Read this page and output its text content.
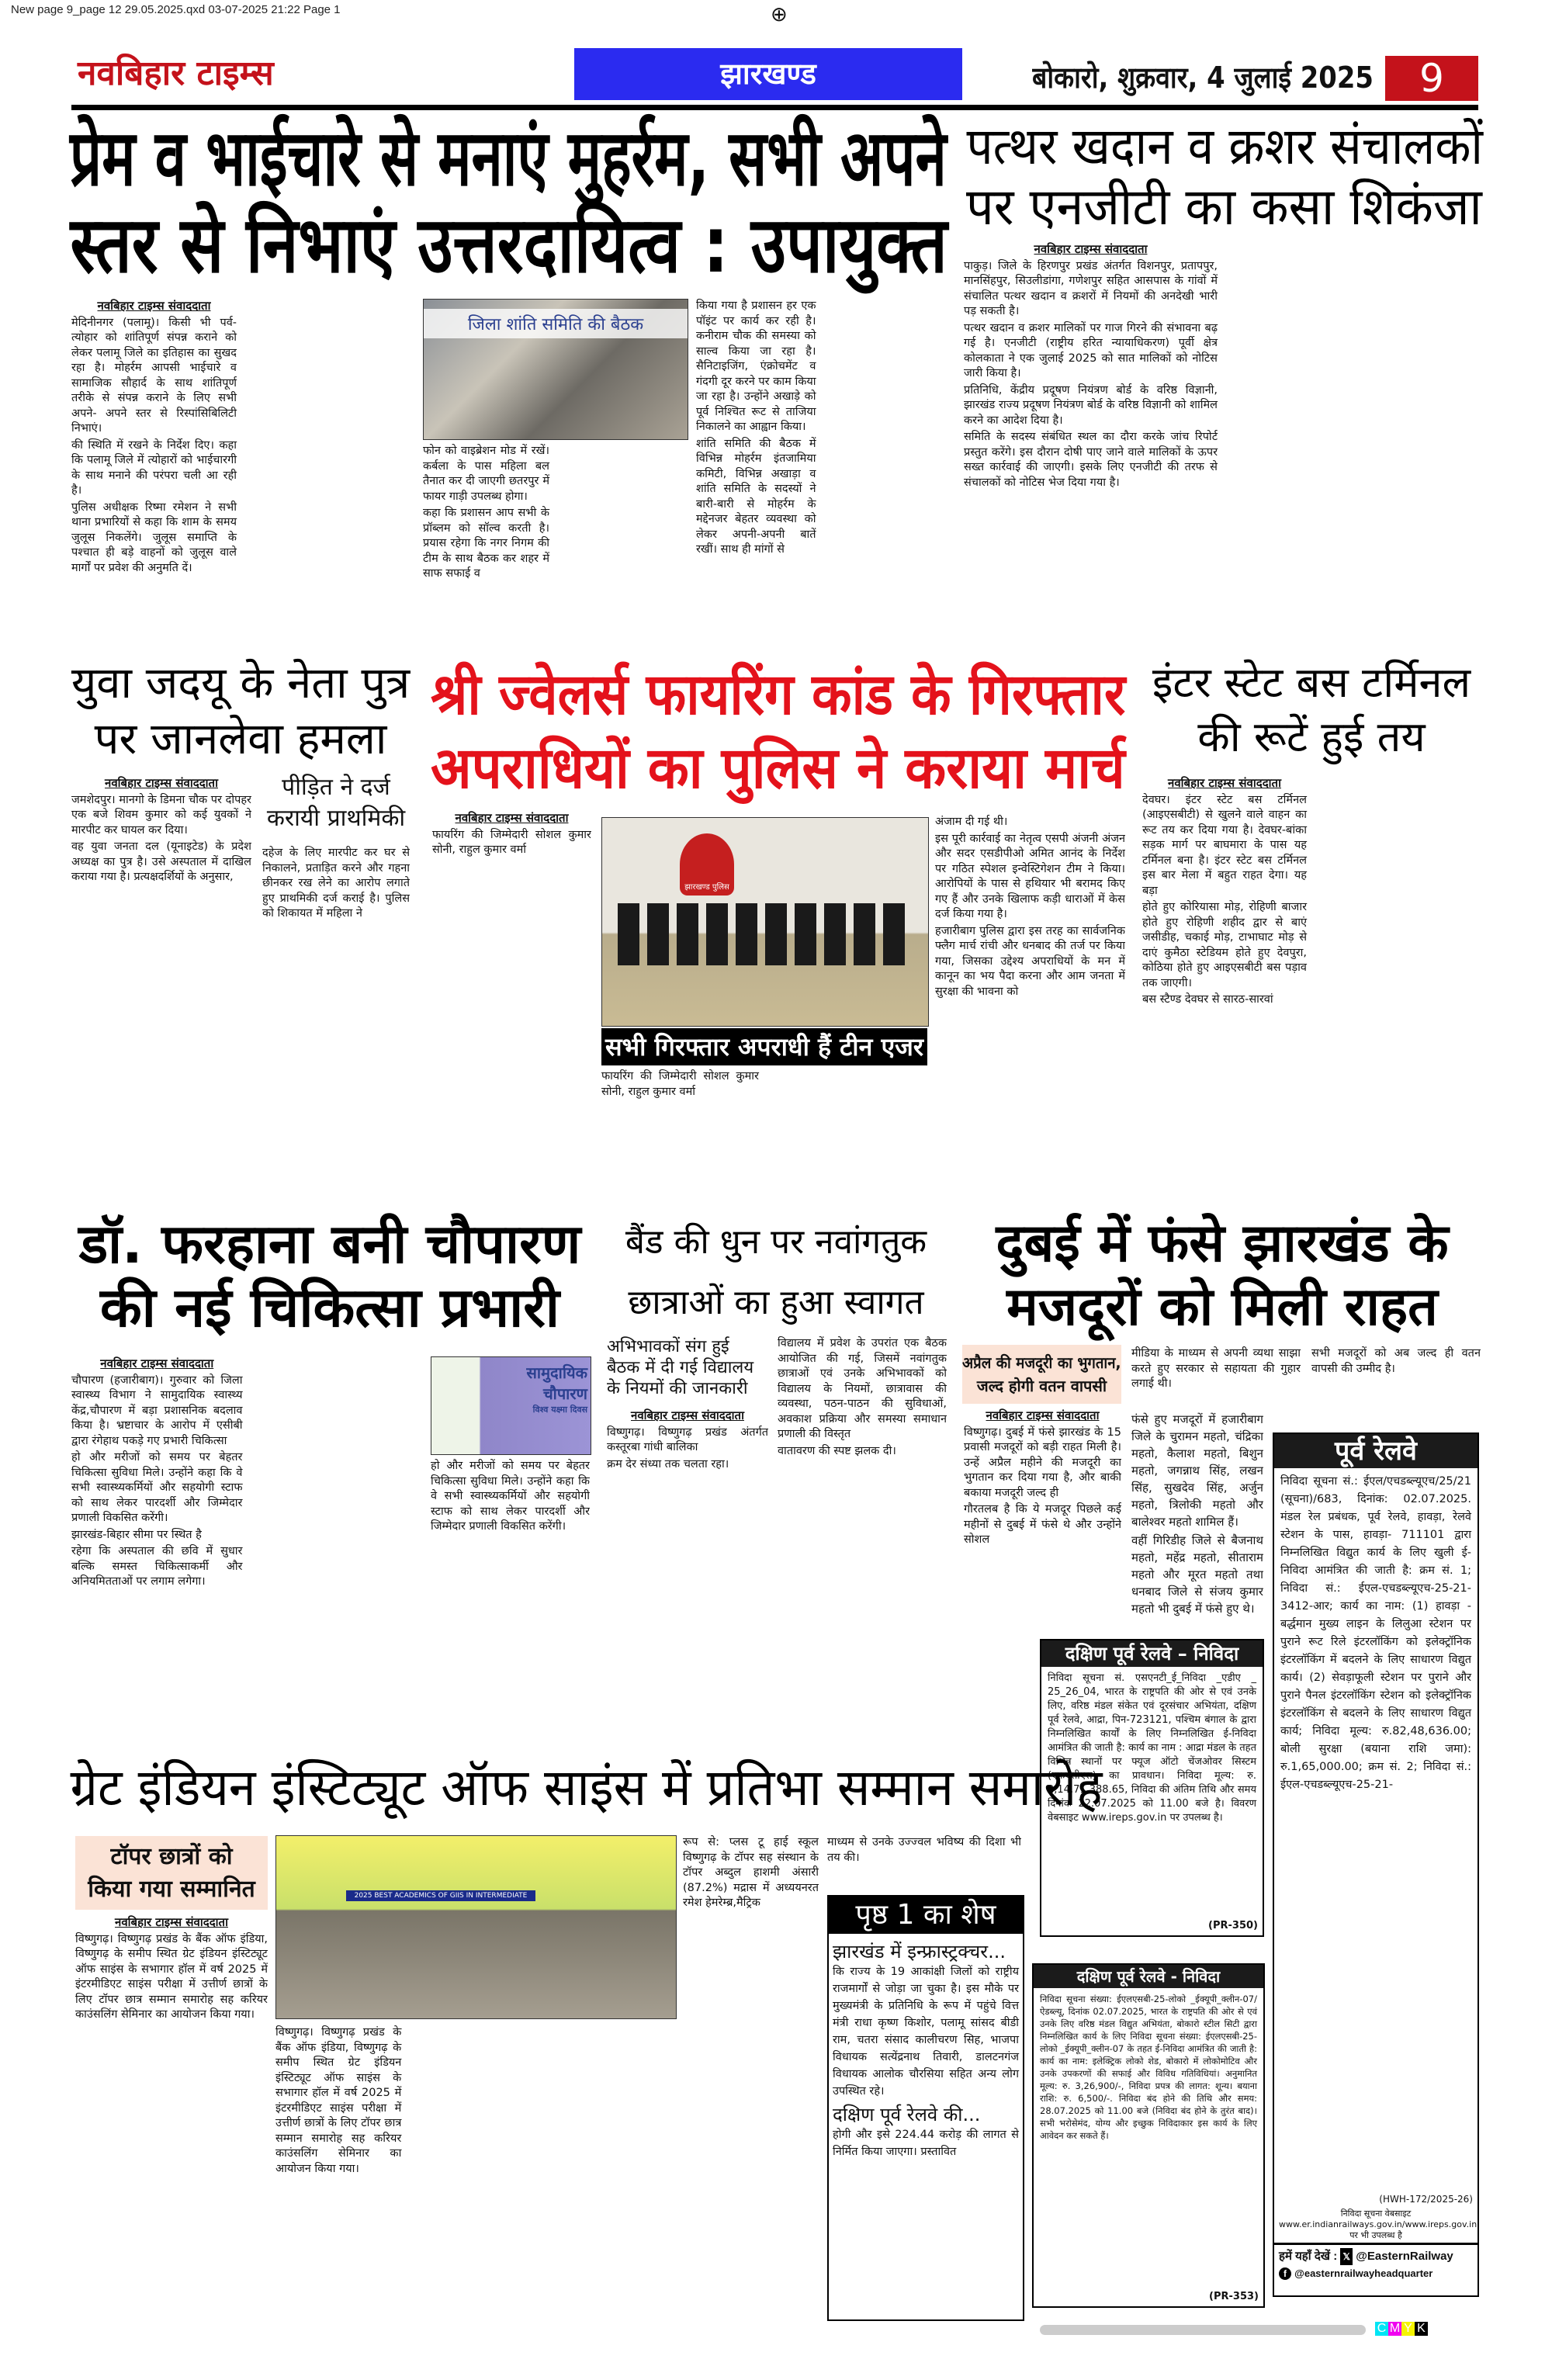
New page 9_page 12 29.05.2025.qxd 03-07-2025 21:22 Page 1	⊕
नवबिहार टाइम्स	झारखण्ड	बोकारो, शुक्रवार, 4 जुलाई 2025	9
प्रेम व भाईचारे से मनाएं मुहर्रम, सभी अपने
स्तर से निभाएं उत्तरदायित्व : उपायुक्त
नवबिहार टाइम्स संवाददाता

मेदिनीनगर (पलामू)। किसी भी पर्व-त्योहार को शांतिपूर्ण संपन्न कराने को लेकर पलामू जिले का इतिहास का सुखद रहा है। मोहर्रम आपसी भाईचारे व सामाजिक सौहार्द के साथ शांतिपूर्ण तरीके से संपन्न कराने के लिए सभी अपने- अपने स्तर से रिस्पांसिबिलिटी निभाएं।

की स्थिति में रखने के निर्देश दिए। कहा कि पलामू जिले में त्योहारों को भाईचारगी के साथ मनाने की परंपरा चली आ रही है।

पुलिस अधीक्षक रिष्मा रमेशन ने सभी थाना प्रभारियों से कहा कि शाम के समय जुलूस निकलेंगे। जुलूस समाप्ति के पश्चात ही बड़े वाहनों को जुलूस वाले मार्गों पर प्रवेश की अनुमति दें।

जिला शांति समिति की बैठक

फोन को वाइब्रेशन मोड में रखें। कर्बला के पास महिला बल तैनात कर दी जाएगी छतरपुर में फायर गाड़ी उपलब्ध होगा।

कहा कि प्रशासन आप सभी के प्रॉब्लम को सॉल्व करती है। प्रयास रहेगा कि नगर निगम की टीम के साथ बैठक कर शहर में साफ सफाई व

किया गया है प्रशासन हर एक पॉइंट पर कार्य कर रही है। कनीराम चौक की समस्या को साल्व किया जा रहा है। सैनिटाइजिंग, एंक्रोचमेंट व गंदगी दूर करने पर काम किया जा रहा है। उन्होंने अखाड़े को पूर्व निश्चित रूट से ताजिया निकालने का आह्वान किया।

शांति समिति की बैठक में विभिन्न मोहर्रम इंतजामिया कमिटी, विभिन्न अखाड़ा व शांति समिति के सदस्यों ने बारी-बारी से मोहर्रम के मद्देनजर बेहतर व्यवस्था को लेकर अपनी-अपनी बातें रखीं। साथ ही मांगों से

पत्थर खदान व क्रशर संचालकों
पर एनजीटी का कसा शिकंजा
नवबिहार टाइम्स संवाददाता

पाकुड़। जिले के हिरणपुर प्रखंड अंतर्गत विशनपुर, प्रतापपुर, मानसिंहपुर, सिउलीडांगा, गणेशपुर सहित आसपास के गांवों में संचालित पत्थर खदान व क्रशरों में नियमों की अनदेखी भारी पड़ सकती है।

पत्थर खदान व क्रशर मालिकों पर गाज गिरने की संभावना बढ़ गई है। एनजीटी (राष्ट्रीय हरित न्यायाधिकरण) पूर्वी क्षेत्र कोलकाता ने एक जुलाई 2025 को सात मालिकों को नोटिस जारी किया है।

प्रतिनिधि, केंद्रीय प्रदूषण नियंत्रण बोर्ड के वरिष्ठ विज्ञानी, झारखंड राज्य प्रदूषण नियंत्रण बोर्ड के वरिष्ठ विज्ञानी को शामिल करने का आदेश दिया है।

समिति के सदस्य संबंधित स्थल का दौरा करके जांच रिपोर्ट प्रस्तुत करेंगे। इस दौरान दोषी पाए जाने वाले मालिकों के ऊपर सख्त कार्रवाई की जाएगी। इसके लिए एनजीटी की तरफ से संचालकों को नोटिस भेज दिया गया है।

युवा जदयू के नेता पुत्र
पर जानलेवा हमला
नवबिहार टाइम्स संवाददाता

जमशेदपुर। मानगो के डिमना चौक पर दोपहर एक बजे शिवम कुमार को कई युवकों ने मारपीट कर घायल कर दिया।

वह युवा जनता दल (यूनाइटेड) के प्रदेश अध्यक्ष का पुत्र है। उसे अस्पताल में दाखिल कराया गया है। प्रत्यक्षदर्शियों के अनुसार,

पीड़ित ने दर्ज
करायी प्राथमिकी

दहेज के लिए मारपीट कर घर से निकालने, प्रताड़ित करने और गहना छीनकर रख लेने का आरोप लगाते हुए प्राथमिकी दर्ज कराई है। पुलिस को शिकायत में महिला ने

श्री ज्वेलर्स फायरिंग कांड के गिरफ्तार
अपराधियों का पुलिस ने कराया मार्च
नवबिहार टाइम्स संवाददाता

फायरिंग की जिम्मेदारी सोशल कुमार सोनी, राहुल कुमार वर्मा

झारखण्ड पुलिस
सभी गिरफ्तार अपराधी हैं टीन एजर

फायरिंग की जिम्मेदारी सोशल कुमार सोनी, राहुल कुमार वर्मा

अंजाम दी गई थी।

इस पूरी कार्रवाई का नेतृत्व एसपी अंजनी अंजन और सदर एसडीपीओ अमित आनंद के निर्देश पर गठित स्पेशल इन्वेस्टिगेशन टीम ने किया। आरोपियों के पास से हथियार भी बरामद किए गए हैं और उनके खिलाफ कड़ी धाराओं में केस दर्ज किया गया है।

हजारीबाग पुलिस द्वारा इस तरह का सार्वजनिक फ्लैग मार्च रांची और धनबाद की तर्ज पर किया गया, जिसका उद्देश्य अपराधियों के मन में कानून का भय पैदा करना और आम जनता में सुरक्षा की भावना को

इंटर स्टेट बस टर्मिनल
की रूटें हुई तय
नवबिहार टाइम्स संवाददाता

देवघर। इंटर स्टेट बस टर्मिनल (आइएसबीटी) से खुलने वाले वाहन का रूट तय कर दिया गया है। देवघर-बांका सड़क मार्ग पर बाघमारा के पास यह टर्मिनल बना है। इंटर स्टेट बस टर्मिनल इस बार मेला में बहुत राहत देगा। यह बड़ा

होते हुए कोरियासा मोड़, रोहिणी बाजार होते हुए रोहिणी शहीद द्वार से बाएं जसीडीह, चकाई मोड़, टाभाघाट मोड़ से दाएं कुमैठा स्टेडियम होते हुए देवपुरा, कोठिया होते हुए आइएसबीटी बस पड़ाव तक जाएगी।

बस स्टैण्ड देवघर से सारठ-सारवां

डॉ. फरहाना बनी चौपारण
की नई चिकित्सा प्रभारी
नवबिहार टाइम्स संवाददाता

चौपारण (हजारीबाग)। गुरुवार को जिला स्वास्थ्य विभाग ने सामुदायिक स्वास्थ्य केंद्र,चौपारण में बड़ा प्रशासनिक बदलाव किया है। भ्रष्टाचार के आरोप में एसीबी द्वारा रंगेहाथ पकड़े गए प्रभारी चिकित्सा

हो और मरीजों को समय पर बेहतर चिकित्सा सुविधा मिले। उन्होंने कहा कि वे सभी स्वास्थ्यकर्मियों और सहयोगी स्टाफ को साथ लेकर पारदर्शी और जिम्मेदार प्रणाली विकसित करेंगी।

झारखंड-बिहार सीमा पर स्थित है

रहेगा कि अस्पताल की छवि में सुधार बल्कि समस्त चिकित्साकर्मी और अनियमितताओं पर लगाम लगेगा।

सामुदायिक
चौपारण
विश्व यक्ष्मा दिवस

हो और मरीजों को समय पर बेहतर चिकित्सा सुविधा मिले। उन्होंने कहा कि वे सभी स्वास्थ्यकर्मियों और सहयोगी स्टाफ को साथ लेकर पारदर्शी और जिम्मेदार प्रणाली विकसित करेंगी।

बैंड की धुन पर नवांगतुक
छात्राओं का हुआ स्वागत
अभिभावकों संग हुई
बैठक में दी गई विद्यालय
के नियमों की जानकारी
नवबिहार टाइम्स संवाददाता

विष्णुगढ़। विष्णुगढ़ प्रखंड अंतर्गत कस्तूरबा गांधी बालिका

क्रम देर संध्या तक चलता रहा।

विद्यालय में प्रवेश के उपरांत एक बैठक आयोजित की गई, जिसमें नवांगतुक छात्राओं एवं उनके अभिभावकों को विद्यालय के नियमों, छात्रावास की व्यवस्था, पठन-पाठन की सुविधाओं, अवकाश प्रक्रिया और समस्या समाधान प्रणाली की विस्तृत

वातावरण की स्पष्ट झलक दी।

दुबई में फंसे झारखंड के
मजदूरों को मिली राहत
अप्रैल की मजदूरी का भुगतान,
जल्द होगी वतन वापसी
नवबिहार टाइम्स संवाददाता

विष्णुगढ़। दुबई में फंसे झारखंड के 15 प्रवासी मजदूरों को बड़ी राहत मिली है। उन्हें अप्रैल महीने की मजदूरी का भुगतान कर दिया गया है, और बाकी बकाया मजदूरी जल्द ही

गौरतलब है कि ये मजदूर पिछले कई महीनों से दुबई में फंसे थे और उन्होंने सोशल

मीडिया के माध्यम से अपनी व्यथा साझा करते हुए सरकार से सहायता की गुहार लगाई थी।

सभी मजदूरों को अब जल्द ही वतन वापसी की उम्मीद है।

फंसे हुए मजदूरों में हजारीबाग जिले के चुरामन महतो, चंद्रिका महतो, कैलाश महतो, बिशुन महतो, जगन्नाथ सिंह, लखन सिंह, सुखदेव सिंह, अर्जुन महतो, त्रिलोकी महतो और बालेश्वर महतो शामिल हैं।

वहीं गिरिडीह जिले से बैजनाथ महतो, महेंद्र महतो, सीताराम महतो और मूरत महतो तथा धनबाद जिले से संजय कुमार महतो भी दुबई में फंसे हुए थे।

दक्षिण पूर्व रेलवे – निविदा
निविदा सूचना सं. एसएनटी_ई_निविदा _एडीए _ 25_26_04, भारत के राष्ट्रपति की ओर से एवं उनके लिए, वरिष्ठ मंडल संकेत एवं दूरसंचार अभियंता, दक्षिण पूर्व रेलवे, आद्रा, पिन-723121, पश्चिम बंगाल के द्वारा निम्नलिखित कार्यों के लिए निम्नलिखित ई-निविदा आमंत्रित की जाती है: कार्य का नाम : आद्रा मंडल के तहत विभिन्न स्थानों पर फ्यूज ऑटो चेंजओवर सिस्टम (एफएसीएस) का प्रावधान। निविदा मूल्य: रु. 2,14,71,388.65, निविदा की अंतिम तिथि और समय दिनांक 22.07.2025 को 11.00 बजे है। विवरण वेबसाइट www.ireps.gov.in पर उपलब्ध है।
(PR-350)
पूर्व रेलवे
निविदा सूचना सं.: ईएल/एचडब्ल्यूएच/25/21 (सूचना)/683, दिनांक: 02.07.2025. मंडल रेल प्रबंधक, पूर्व रेलवे, हावड़ा, रेलवे स्टेशन के पास, हावड़ा- 711101 द्वारा निम्नलिखित विद्युत कार्य के लिए खुली ई-निविदा आमंत्रित की जाती है: क्रम सं. 1; निविदा सं.: ईएल-एचडब्ल्यूएच-25-21-3412-आर; कार्य का नाम: (1) हावड़ा - बर्द्धमान मुख्य लाइन के लिलुआ स्टेशन पर पुराने रूट रिले इंटरलॉकिंग को इलेक्ट्रॉनिक इंटरलॉकिंग में बदलने के लिए साधारण विद्युत कार्य। (2) सेवड़ाफूली स्टेशन पर पुराने और पुराने पैनल इंटरलॉकिंग स्टेशन को इलेक्ट्रॉनिक इंटरलॉकिंग से बदलने के लिए साधारण विद्युत कार्य; निविदा मूल्य: रु.82,48,636.00; बोली सुरक्षा (बयाना राशि जमा): रु.1,65,000.00; क्रम सं. 2; निविदा सं.: ईएल-एचडब्ल्यूएच-25-21-
(HWH-172/2025-26)
निविदा सूचना वेबसाइट www.er.indianrailways.gov.in/www.ireps.gov.in पर भी उपलब्ध है
हमें यहाँ देखें : 𝕏 @EasternRailway
f @easternrailwayheadquarter
ग्रेट इंडियन इंस्टिट्यूट ऑफ साइंस में प्रतिभा सम्मान समारोह
टॉपर छात्रों को
किया गया सम्मानित
नवबिहार टाइम्स संवाददाता

विष्णुगढ़। विष्णुगढ़ प्रखंड के बैंक ऑफ इंडिया, विष्णुगढ़ के समीप स्थित ग्रेट इंडियन इंस्टिट्यूट ऑफ साइंस के सभागार हॉल में वर्ष 2025 में इंटरमीडिएट साइंस परीक्षा में उत्तीर्ण छात्रों के लिए टॉपर छात्र सम्मान समारोह सह करियर काउंसलिंग सेमिनार का आयोजन किया गया।

2025 BEST ACADEMICS OF GIIS IN INTERMEDIATE

विष्णुगढ़। विष्णुगढ़ प्रखंड के बैंक ऑफ इंडिया, विष्णुगढ़ के समीप स्थित ग्रेट इंडियन इंस्टिट्यूट ऑफ साइंस के सभागार हॉल में वर्ष 2025 में इंटरमीडिएट साइंस परीक्षा में उत्तीर्ण छात्रों के लिए टॉपर छात्र सम्मान समारोह सह करियर काउंसलिंग सेमिनार का आयोजन किया गया।

रूप से: प्लस टू हाई स्कूल विष्णुगढ़ के टॉपर सह संस्थान के टॉपर अब्दुल हाशमी अंसारी (87.2%) मद्रास में अध्ययनरत रमेश हेमरेम्ब्र,मैट्रिक

माध्यम से उनके उज्ज्वल भविष्य की दिशा भी तय की।

पृष्ठ 1 का शेष
झारखंड में इन्फ्रास्ट्रक्चर...
कि राज्य के 19 आकांक्षी जिलों को राष्ट्रीय राजमार्गों से जोड़ा जा चुका है। इस मौके पर मुख्यमंत्री के प्रतिनिधि के रूप में पहुंचे वित्त मंत्री राधा कृष्ण किशोर, पलामू सांसद बीडी राम, चतरा संसाद कालीचरण सिह, भाजपा विधायक सत्येंद्रनाथ तिवारी, डालटनगंज विधायक आलोक चौरसिया सहित अन्य लोग उपस्थित रहे।
दक्षिण पूर्व रेलवे की...
होगी और इसे 224.44 करोड़ की लागत से निर्मित किया जाएगा। प्रस्तावित
दक्षिण पूर्व रेलवे - निविदा
निविदा सूचना संख्या: ईएलएसबी-25-लोको _ईक्यूपी_क्लीन-07/ऐडब्ल्यू, दिनांक 02.07.2025, भारत के राष्ट्रपति की ओर से एवं उनके लिए वरिष्ठ मंडल विद्युत अभियंता, बोकारो स्टील सिटी द्वारा निम्नलिखित कार्य के लिए निविदा सूचना संख्या: ईएलएसबी-25-लोको _ईक्यूपी_क्लीन-07 के तहत ई-निविदा आमंत्रित की जाती है: कार्य का नाम: इलेक्ट्रिक लोको शेड, बोकारो में लोकोमोटिव और उनके उपकरणों की सफाई और विविध गतिविधियां। अनुमानित मूल्य: रु. 3,26,900/-, निविदा प्रपत्र की लागत: शून्य। बयाना राशि: रु. 6,500/-. निविदा बंद होने की तिथि और समय: 28.07.2025 को 11.00 बजे (निविदा बंद होने के तुरंत बाद)। सभी भरोसेमंद, योग्य और इच्छुक निविदाकार इस कार्य के लिए आवेदन कर सकते हैं।
(PR-353)
C M Y K
